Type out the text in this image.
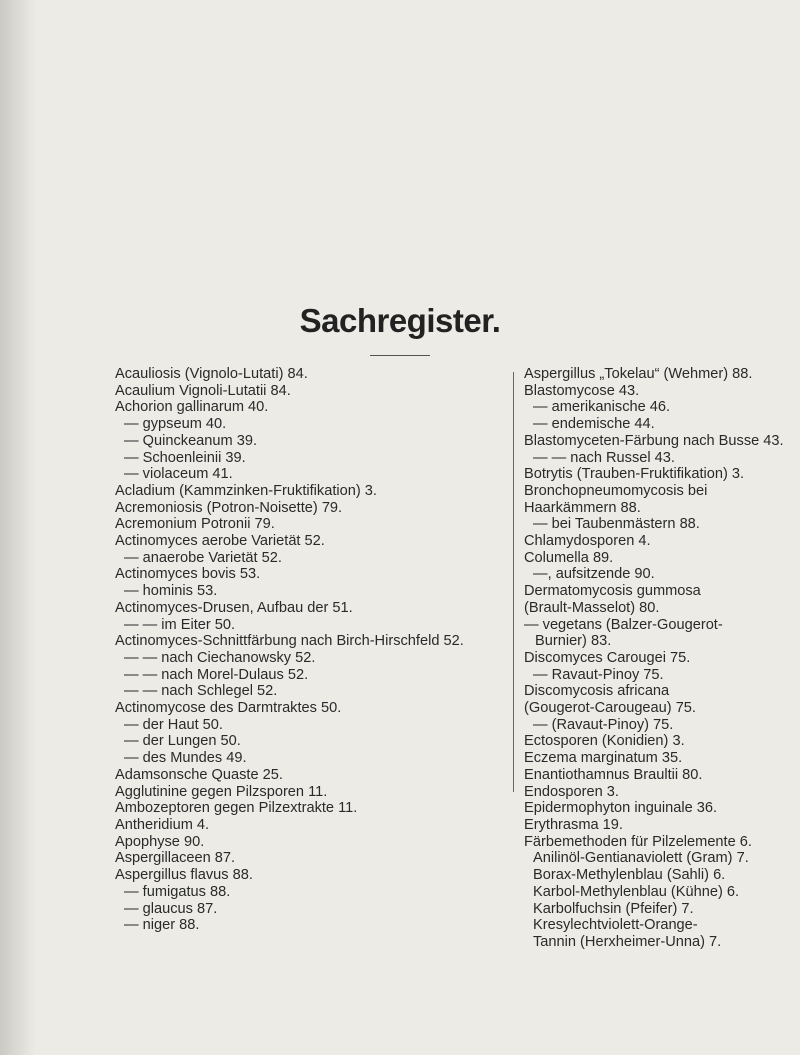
Sachregister.
Acauliosis (Vignolo-Lutati) 84.
Acaulium Vignoli-Lutatii 84.
Achorion gallinarum 40.
— gypseum 40.
— Quinckeanum 39.
— Schoenleinii 39.
— violaceum 41.
Acladium (Kammzinken-Fruktifikation) 3.
Acremoniosis (Potron-Noisette) 79.
Acremonium Potronii 79.
Actinomyces aerobe Varietät 52.
— anaerobe Varietät 52.
Actinomyces bovis 53.
— hominis 53.
Actinomyces-Drusen, Aufbau der 51.
— — im Eiter 50.
Actinomyces-Schnittfärbung nach Birch-Hirschfeld 52.
— — nach Ciechanowsky 52.
— — nach Morel-Dulaus 52.
— — nach Schlegel 52.
Actinomycose des Darmtraktes 50.
— der Haut 50.
— der Lungen 50.
— des Mundes 49.
Adamsonsche Quaste 25.
Agglutinine gegen Pilzsporen 11.
Ambozeptoren gegen Pilzextrakte 11.
Antheridium 4.
Apophyse 90.
Aspergillaceen 87.
Aspergillus flavus 88.
— fumigatus 88.
— glaucus 87.
— niger 88.
Aspergillus „Tokelau“ (Wehmer) 88.
Blastomycose 43.
— amerikanische 46.
— endemische 44.
Blastomyceten-Färbung nach Busse 43.
— — nach Russel 43.
Botrytis (Trauben-Fruktifikation) 3.
Bronchopneumomycosis bei Haarkämmern 88.
— bei Taubenmästern 88.
Chlamydosporen 4.
Columella 89.
—, aufsitzende 90.
Dermatomycosis gummosa (Brault-Masselot) 80.
— vegetans (Balzer-Gougerot-Burnier) 83.
Discomyces Carougei 75.
— Ravaut-Pinoy 75.
Discomycosis africana (Gougerot-Carougeau) 75.
— (Ravaut-Pinoy) 75.
Ectosporen (Konidien) 3.
Eczema marginatum 35.
Enantiothamnus Braultii 80.
Endosporen 3.
Epidermophyton inguinale 36.
Erythrasma 19.
Färbemethoden für Pilzelemente 6.
Anilinöl-Gentianaviolett (Gram) 7.
Borax-Methylenblau (Sahli) 6.
Karbol-Methylenblau (Kühne) 6.
Karbolfuchsin (Pfeifer) 7.
Kresylechtviolett-Orange-Tannin (Herxheimer-Unna) 7.
